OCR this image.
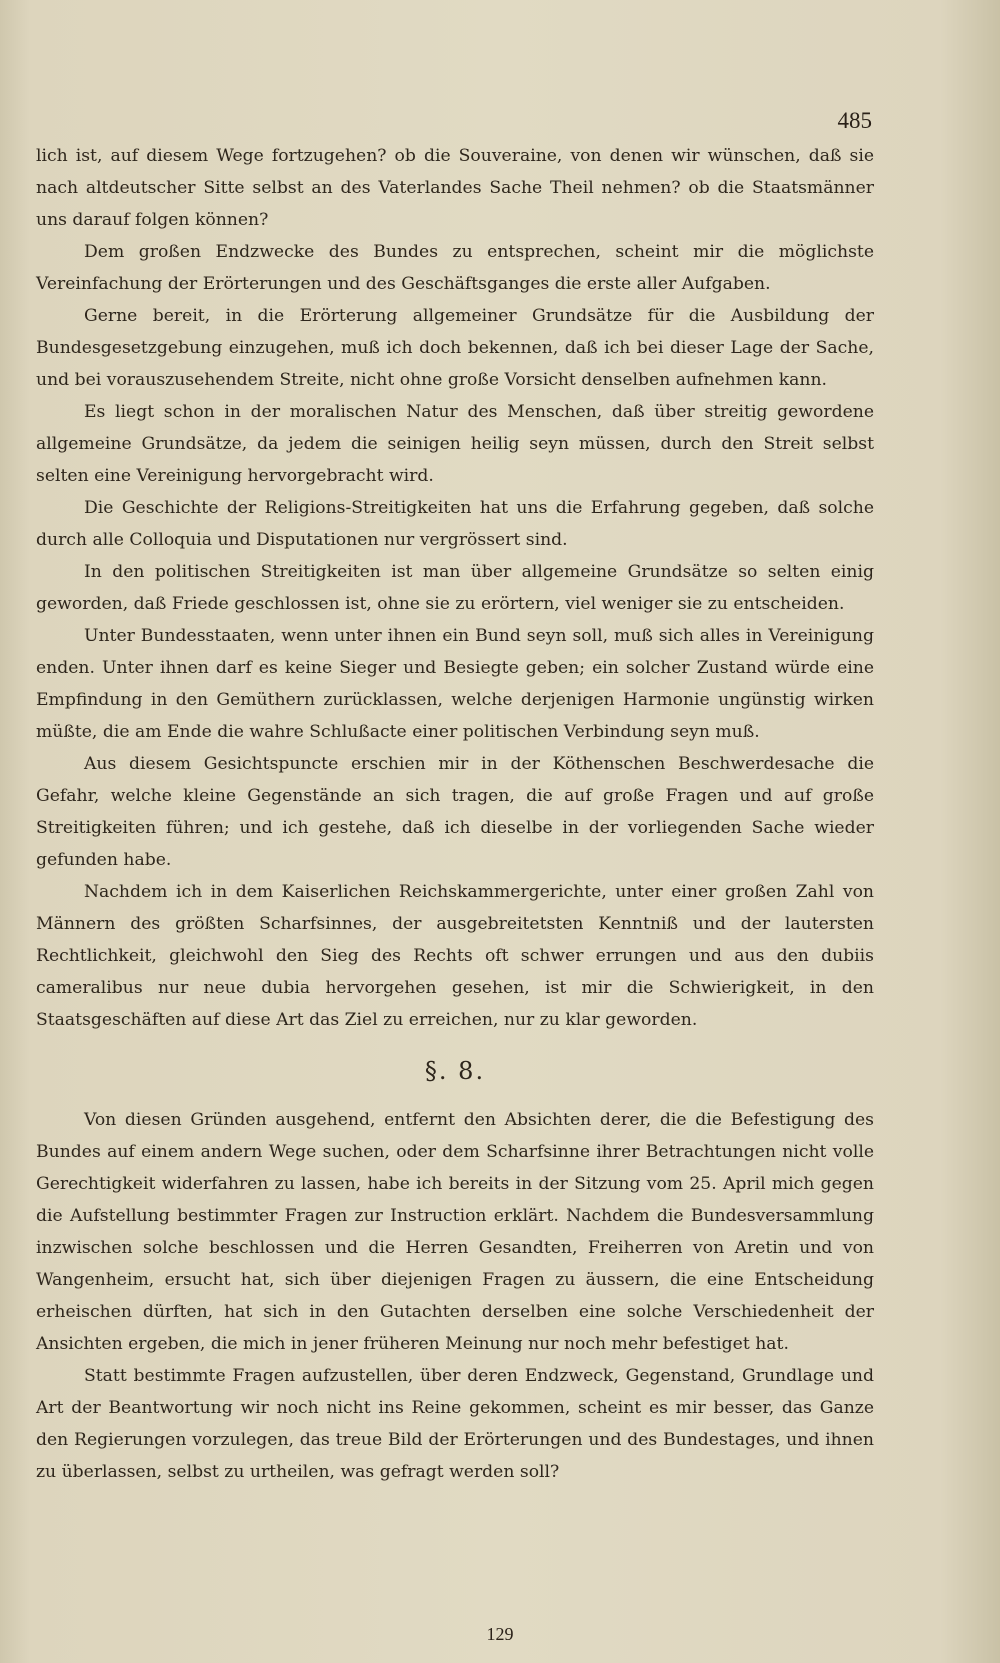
485

lich ist, auf diesem Wege fortzugehen? ob die Souveraine, von denen wir wünschen, daß sie nach altdeutscher Sitte selbst an des Vaterlandes Sache Theil nehmen? ob die Staatsmänner uns darauf folgen können?

Dem großen Endzwecke des Bundes zu entsprechen, scheint mir die möglichste Vereinfachung der Erörterungen und des Geschäftsganges die erste aller Aufgaben.

Gerne bereit, in die Erörterung allgemeiner Grundsätze für die Ausbildung der Bundesgesetzgebung einzugehen, muß ich doch bekennen, daß ich bei dieser Lage der Sache, und bei vorauszusehendem Streite, nicht ohne große Vorsicht denselben aufnehmen kann.

Es liegt schon in der moralischen Natur des Menschen, daß über streitig gewordene allgemeine Grundsätze, da jedem die seinigen heilig seyn müssen, durch den Streit selbst selten eine Vereinigung hervorgebracht wird.

Die Geschichte der Religions-Streitigkeiten hat uns die Erfahrung gegeben, daß solche durch alle Colloquia und Disputationen nur vergrössert sind.

In den politischen Streitigkeiten ist man über allgemeine Grundsätze so selten einig geworden, daß Friede geschlossen ist, ohne sie zu erörtern, viel weniger sie zu entscheiden.

Unter Bundesstaaten, wenn unter ihnen ein Bund seyn soll, muß sich alles in Vereinigung enden. Unter ihnen darf es keine Sieger und Besiegte geben; ein solcher Zustand würde eine Empfindung in den Gemüthern zurücklassen, welche derjenigen Harmonie ungünstig wirken müßte, die am Ende die wahre Schlußacte einer politischen Verbindung seyn muß.

Aus diesem Gesichtspuncte erschien mir in der Köthenschen Beschwerdesache die Gefahr, welche kleine Gegenstände an sich tragen, die auf große Fragen und auf große Streitigkeiten führen; und ich gestehe, daß ich dieselbe in der vorliegenden Sache wieder gefunden habe.

Nachdem ich in dem Kaiserlichen Reichskammergerichte, unter einer großen Zahl von Männern des größten Scharfsinnes, der ausgebreitetsten Kenntniß und der lautersten Rechtlichkeit, gleichwohl den Sieg des Rechts oft schwer errungen und aus den dubiis cameralibus nur neue dubia hervorgehen gesehen, ist mir die Schwierigkeit, in den Staatsgeschäften auf diese Art das Ziel zu erreichen, nur zu klar geworden.

§. 8.

Von diesen Gründen ausgehend, entfernt den Absichten derer, die die Befestigung des Bundes auf einem andern Wege suchen, oder dem Scharfsinne ihrer Betrachtungen nicht volle Gerechtigkeit widerfahren zu lassen, habe ich bereits in der Sitzung vom 25. April mich gegen die Aufstellung bestimmter Fragen zur Instruction erklärt. Nachdem die Bundesversammlung inzwischen solche beschlossen und die Herren Gesandten, Freiherren von Aretin und von Wangenheim, ersucht hat, sich über diejenigen Fragen zu äussern, die eine Entscheidung erheischen dürften, hat sich in den Gutachten derselben eine solche Verschiedenheit der Ansichten ergeben, die mich in jener früheren Meinung nur noch mehr befestiget hat.

Statt bestimmte Fragen aufzustellen, über deren Endzweck, Gegenstand, Grundlage und Art der Beantwortung wir noch nicht ins Reine gekommen, scheint es mir besser, das Ganze den Regierungen vorzulegen, das treue Bild der Erörterungen und des Bundestages, und ihnen zu überlassen, selbst zu urtheilen, was gefragt werden soll?

129
